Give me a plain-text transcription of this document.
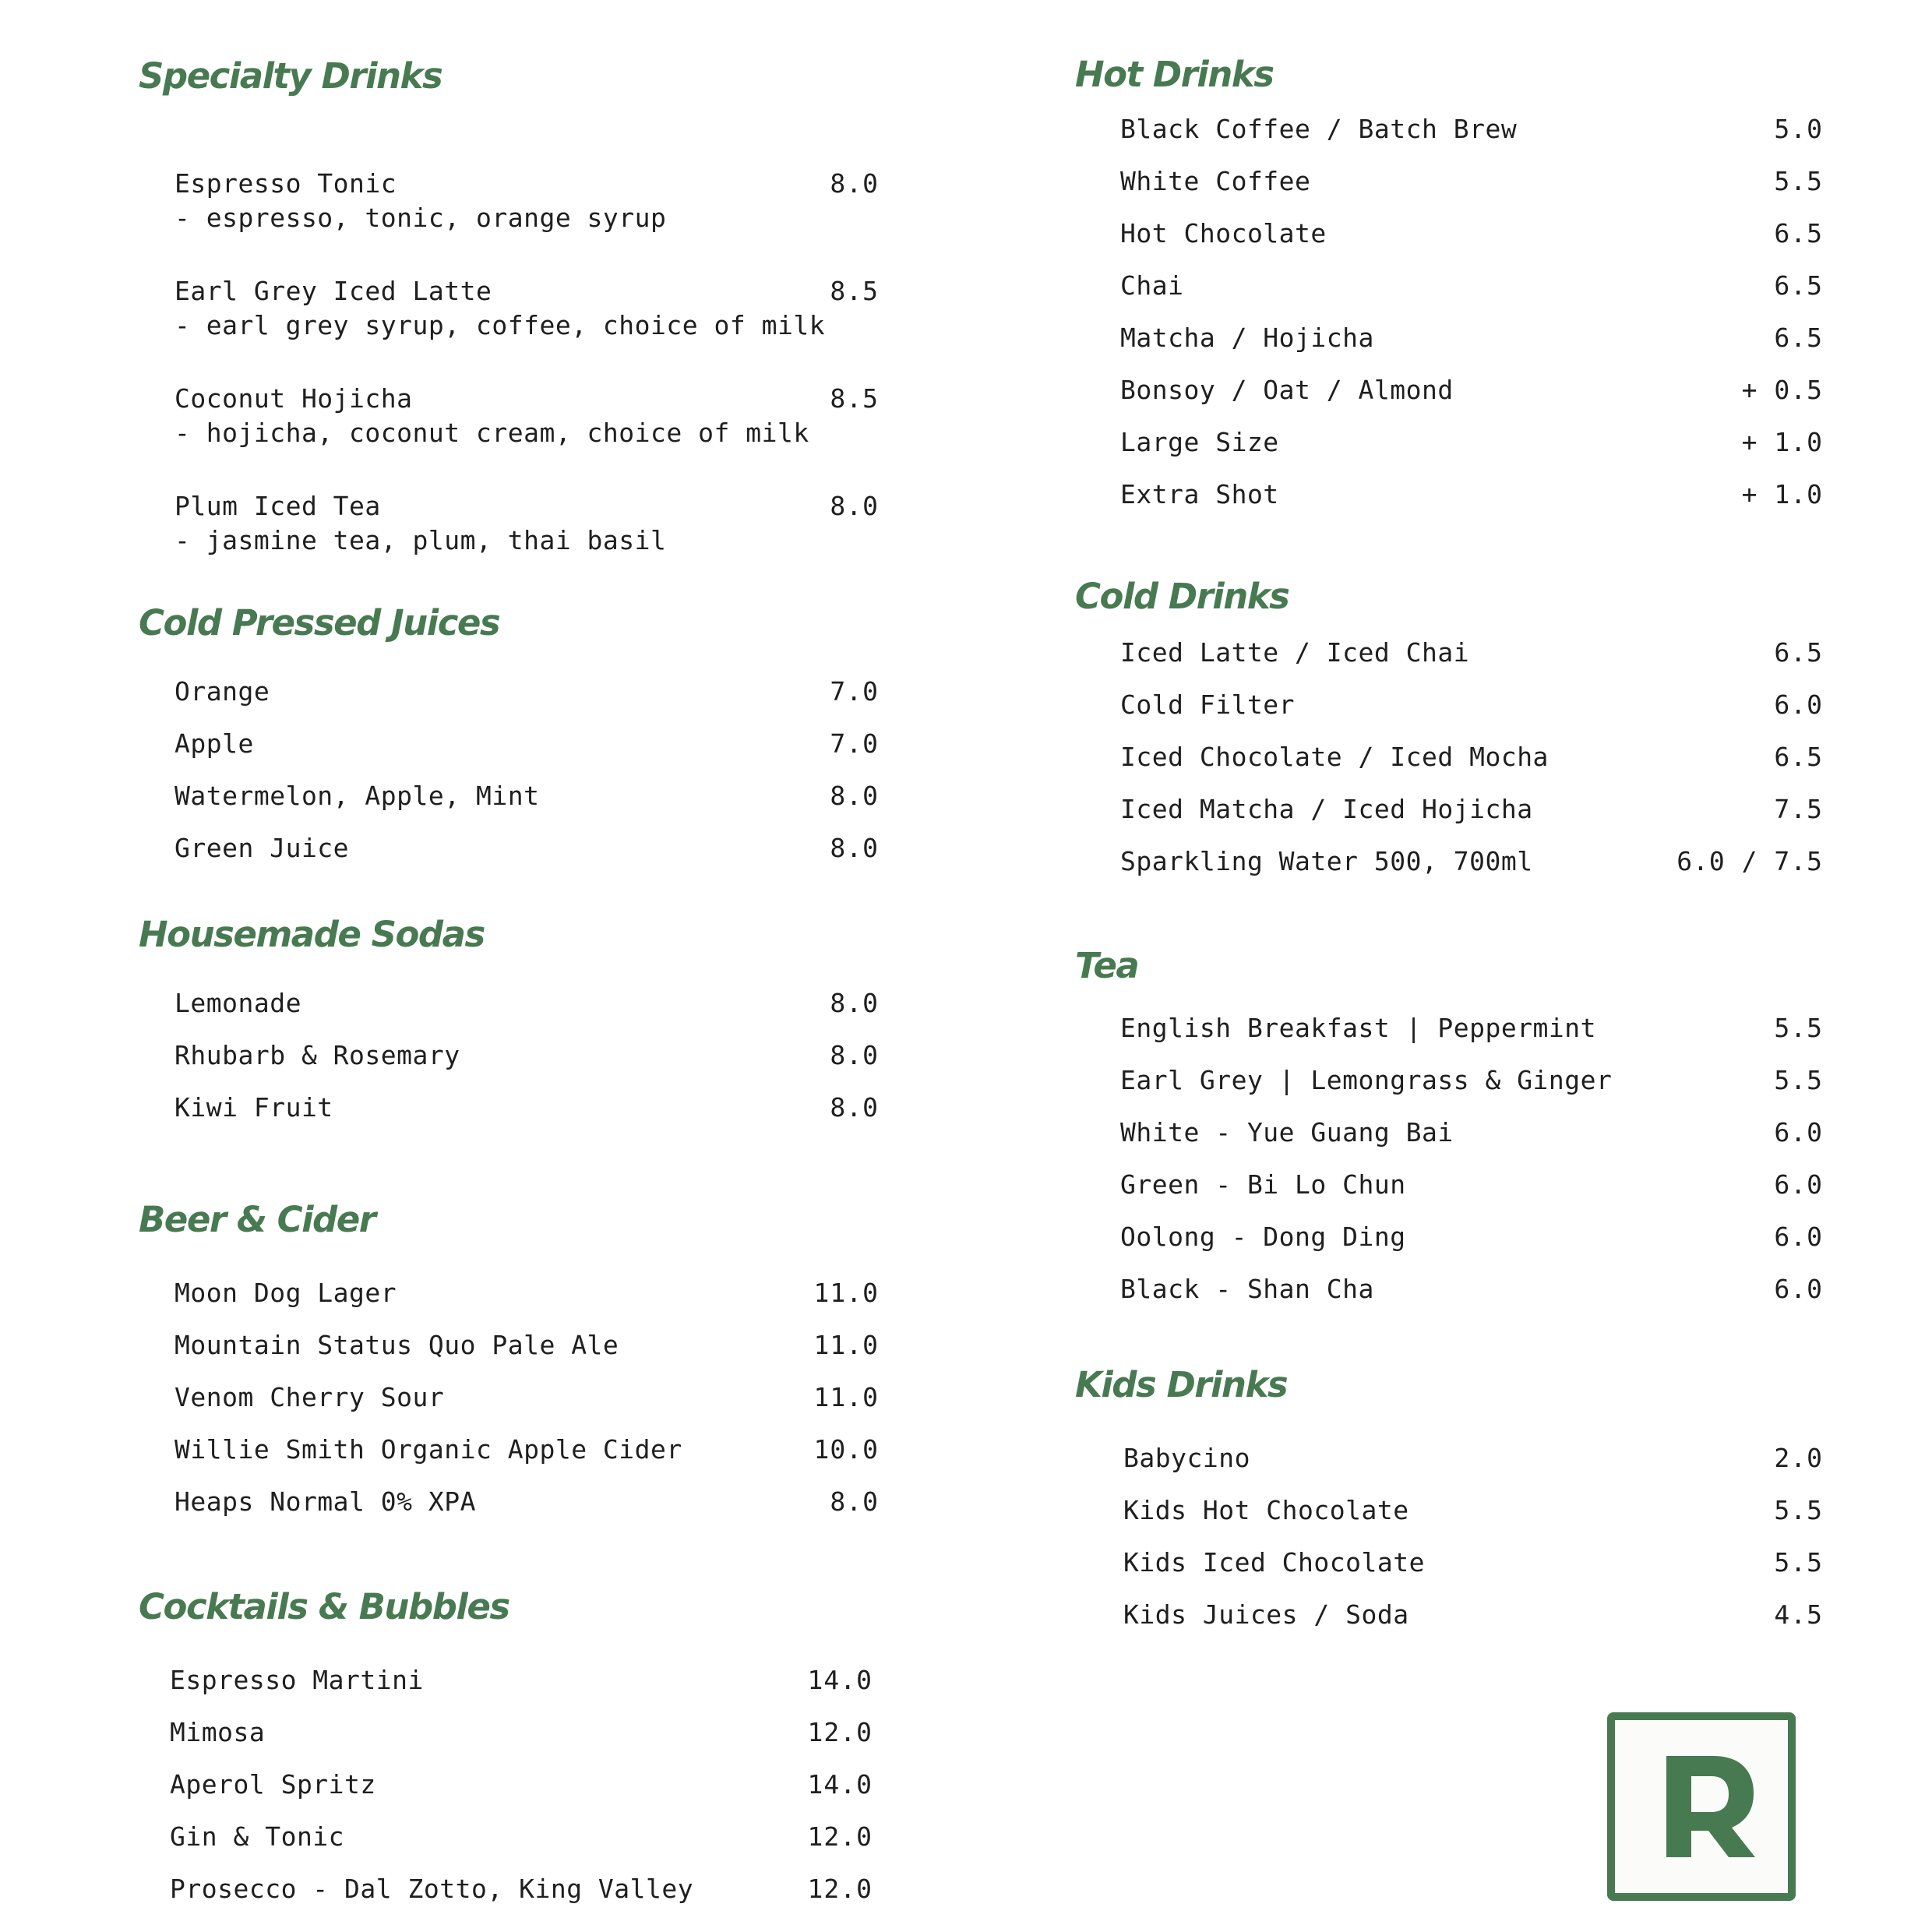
Specialty Drinks
Espresso Tonic	8.0
- espresso, tonic, orange syrup
Earl Grey Iced Latte	8.5
- earl grey syrup, coffee, choice of milk
Coconut Hojicha	8.5
- hojicha, coconut cream, choice of milk
Plum Iced Tea	8.0
- jasmine tea, plum, thai basil
Cold Pressed Juices
Orange	7.0
Apple	7.0
Watermelon, Apple, Mint	8.0
Green Juice	8.0
Housemade Sodas
Lemonade	8.0
Rhubarb & Rosemary	8.0
Kiwi Fruit	8.0
Beer & Cider
Moon Dog Lager	11.0
Mountain Status Quo Pale Ale	11.0
Venom Cherry Sour	11.0
Willie Smith Organic Apple Cider	10.0
Heaps Normal 0% XPA	8.0
Cocktails & Bubbles
Espresso Martini	14.0
Mimosa	12.0
Aperol Spritz	14.0
Gin & Tonic	12.0
Prosecco - Dal Zotto, King Valley	12.0
Hot Drinks
Black Coffee / Batch Brew	5.0
White Coffee	5.5
Hot Chocolate	6.5
Chai	6.5
Matcha / Hojicha	6.5
Bonsoy / Oat / Almond	+ 0.5
Large Size	+ 1.0
Extra Shot	+ 1.0
Cold Drinks
Iced Latte / Iced Chai	6.5
Cold Filter	6.0
Iced Chocolate / Iced Mocha	6.5
Iced Matcha / Iced Hojicha	7.5
Sparkling Water 500, 700ml	6.0 / 7.5
Tea
English Breakfast | Peppermint	5.5
Earl Grey | Lemongrass & Ginger	5.5
White - Yue Guang Bai	6.0
Green - Bi Lo Chun	6.0
Oolong - Dong Ding	6.0
Black - Shan Cha	6.0
Kids Drinks
Babycino	2.0
Kids Hot Chocolate	5.5
Kids Iced Chocolate	5.5
Kids Juices / Soda	4.5
